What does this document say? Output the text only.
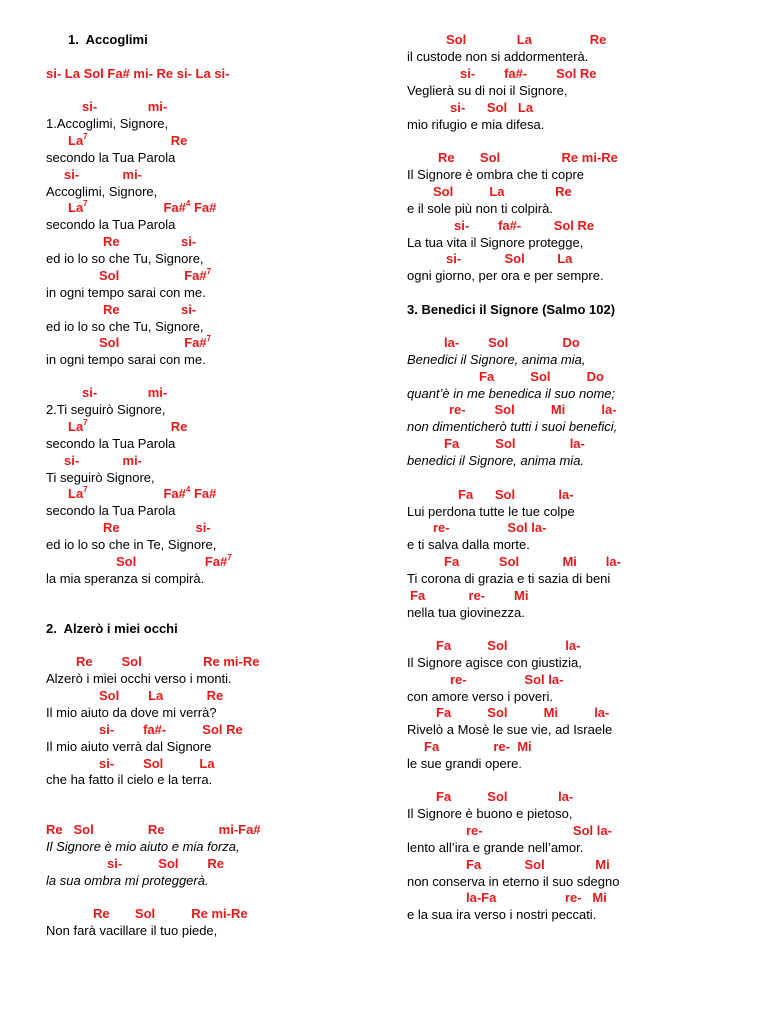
1.  Accoglimi
si- La Sol Fa# mi- Re si- La si-
si-              mi-
1.Accoglimi, Signore,
La$^7$                       Re
secondo la Tua Parola
si-            mi-
Accoglimi, Signore,
La$^7$                     Fa#$^4$ Fa#
secondo la Tua Parola
Re                 si-
ed io lo so che Tu, Signore,
Sol                  Fa#$^7$
in ogni tempo sarai con me.
Re                 si-
ed io lo so che Tu, Signore,
Sol                  Fa#$^7$
in ogni tempo sarai con me.
si-              mi-
2.Ti seguirò Signore,
La$^7$                       Re
secondo la Tua Parola
si-            mi-
Ti seguirò Signore,
La$^7$                     Fa#$^4$ Fa#
secondo la Tua Parola
Re                     si-
ed io lo so che in Te, Signore,
Sol                   Fa#$^7$
la mia speranza si compirà.
2.  Alzerò i miei occhi
Re        Sol                 Re mi-Re
Alzerò i miei occhi verso i monti.
Sol        La            Re
Il mio aiuto da dove mi verrà?
si-        fa#-          Sol Re
Il mio aiuto verrà dal Signore
si-        Sol          La
che ha fatto il cielo e la terra.
Re   Sol               Re               mi-Fa#
Il Signore è mio aiuto e mia forza,
si-          Sol        Re
la sua ombra mi proteggerà.
Re       Sol          Re mi-Re
Non farà vacillare il tuo piede,
Sol              La                Re
il custode non si addormenterà.
si-        fa#-        Sol Re
Veglierà su di noi il Signore,
si-      Sol   La
mio rifugio e mia difesa.
Re       Sol                 Re mi-Re
Il Signore è ombra che ti copre
Sol          La              Re
e il sole più non ti colpirà.
si-        fa#-         Sol Re
La tua vita il Signore protegge,
si-            Sol         La
ogni giorno, per ora e per sempre.
3. Benedici il Signore (Salmo 102)
la-        Sol               Do
Benedici il Signore, anima mia,
Fa          Sol          Do
quant’è in me benedica il suo nome;
re-        Sol          Mi          la-
non dimenticherò tutti i suoi benefici,
Fa          Sol               la-
benedici il Signore, anima mia.
Fa      Sol            la-
Lui perdona tutte le tue colpe
re-                Sol la-
e ti salva dalla morte.
Fa           Sol            Mi        la-
Ti corona di grazia e ti sazia di beni
Fa            re-        Mi
nella tua giovinezza.
Fa          Sol                la-
Il Signore agisce con giustizia,
re-                Sol la-
con amore verso i poveri.
Fa          Sol          Mi          la-
Rivelò a Mosè le sue vie, ad Israele
Fa               re-  Mi
le sue grandi opere.
Fa          Sol              la-
Il Signore è buono e pietoso,
re-                         Sol la-
lento all’ira e grande nell’amor.
Fa            Sol              Mi
non conserva in eterno il suo sdegno
la-Fa                   re-   Mi
e la sua ira verso i nostri peccati.
